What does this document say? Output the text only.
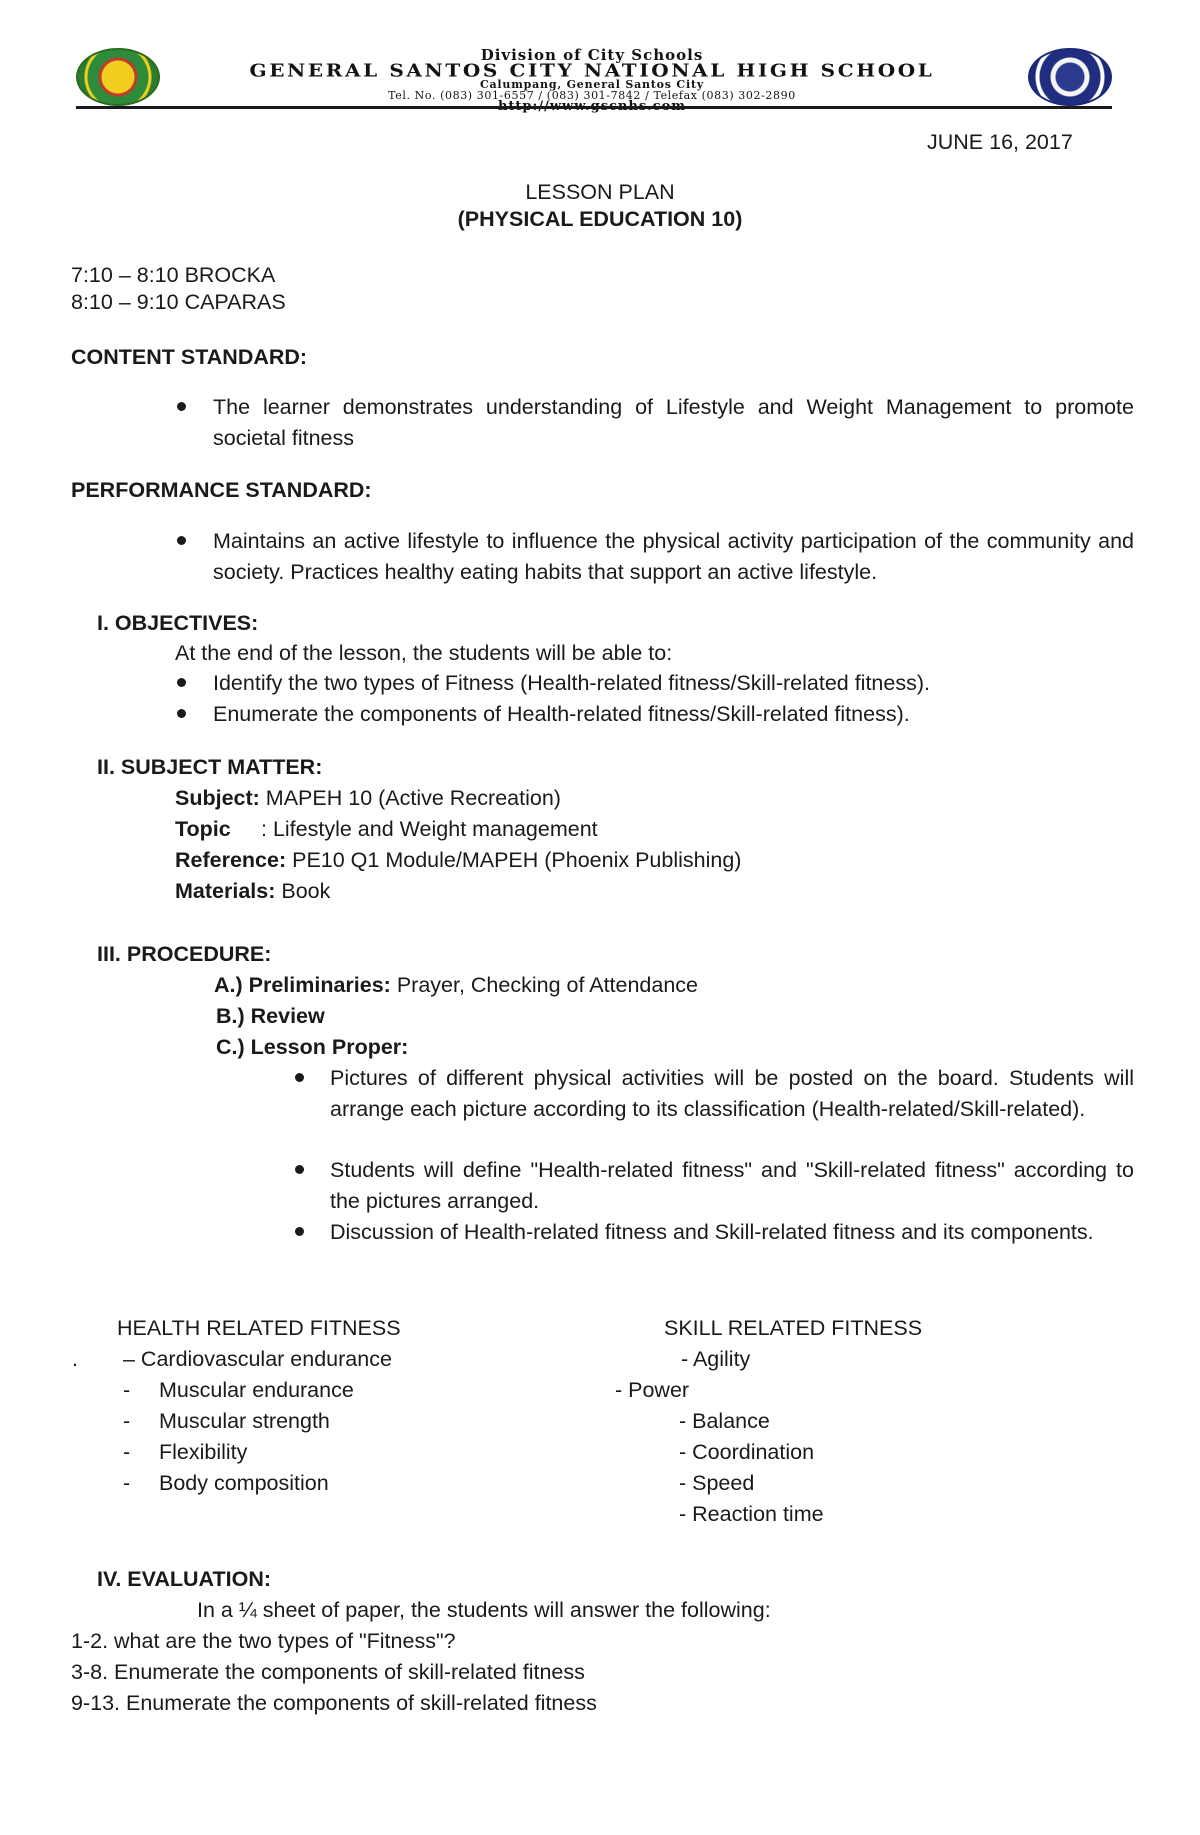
Division of City Schools
GENERAL SANTOS CITY NATIONAL HIGH SCHOOL
Calumpang, General Santos City
Tel. No. (083) 301-6557 / (083) 301-7842 / Telefax (083) 302-2890
JUNE 16, 2017
LESSON PLAN
(PHYSICAL EDUCATION 10)
7:10 – 8:10 BROCKA
8:10 – 9:10 CAPARAS
CONTENT STANDARD:
The learner demonstrates understanding of Lifestyle and Weight Management to promote societal fitness
PERFORMANCE STANDARD:
Maintains an active lifestyle to influence the physical activity participation of the community and society. Practices healthy eating habits that support an active lifestyle.
I. OBJECTIVES:
At the end of the lesson, the students will be able to:
Identify the two types of Fitness (Health-related fitness/Skill-related fitness).
Enumerate the components of Health-related fitness/Skill-related fitness).
II. SUBJECT MATTER:
Subject: MAPEH 10 (Active Recreation)
Topic : Lifestyle and Weight management
Reference: PE10 Q1 Module/MAPEH (Phoenix Publishing)
Materials: Book
III. PROCEDURE:
A.) Preliminaries: Prayer, Checking of Attendance
B.) Review
C.) Lesson Proper:
Pictures of different physical activities will be posted on the board. Students will arrange each picture according to its classification (Health-related/Skill-related).
Students will define "Health-related fitness" and "Skill-related fitness" according to the pictures arranged.
Discussion of Health-related fitness and Skill-related fitness and its components.
HEALTH RELATED FITNESS	SKILL RELATED FITNESS
. – Cardiovascular endurance
- Muscular endurance
- Muscular strength
- Flexibility
- Body composition
- Agility
- Power
- Balance
- Coordination
- Speed
- Reaction time
IV. EVALUATION:
In a ¼ sheet of paper, the students will answer the following:
1-2. what are the two types of "Fitness"?
3-8. Enumerate the components of skill-related fitness
9-13. Enumerate the components of skill-related fitness
